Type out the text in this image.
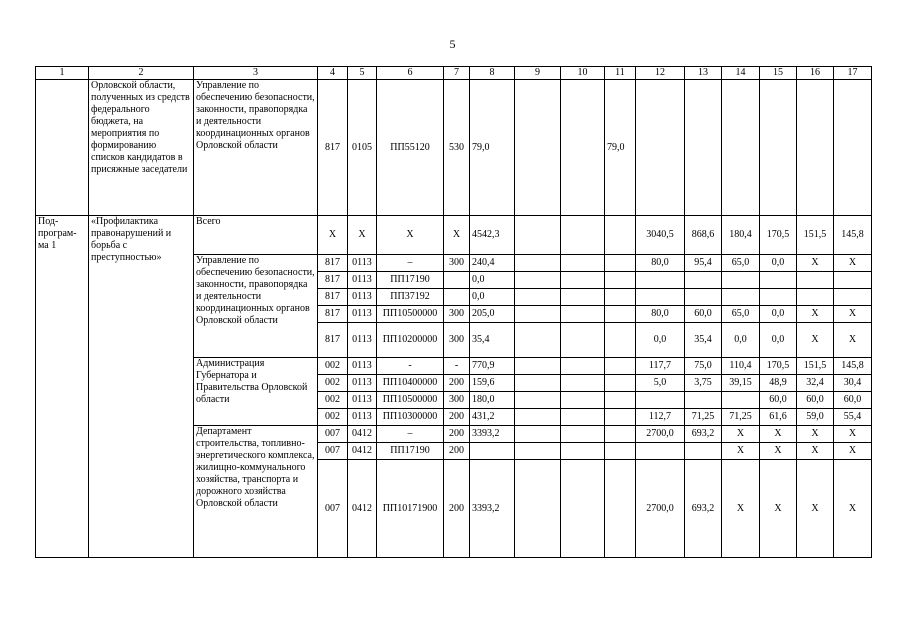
5
1	2	3	4	5	6	7	8	9	10	11	12	13	14	15	16	17
	Орловской области, полученных из средств федерального бюджета, на мероприятия по формированию списков кандидатов в присяжные заседатели	Управление по обеспечению безопасности, законности, правопорядка и деятельности координационных органов Орловской области	817	0105	ПП55120	530	79,0			79,0						
Под-програм-ма 1	«Профилактика правонарушений и борьба с преступностью»	Всего	X	X	X	X	4542,3				3040,5	868,6	180,4	170,5	151,5	145,8
		Управление по обеспечению безопасности, законности, правопорядка и деятельности координационных органов Орловской области	817	0113	–	300	240,4				80,0	95,4	65,0	0,0	X	X
			817	0113	ПП17190		0,0									
			817	0113	ПП37192		0,0									
			817	0113	ПП10500000	300	205,0				80,0	60,0	65,0	0,0	X	X
			817	0113	ПП10200000	300	35,4				0,0	35,4	0,0	0,0	X	X
		Администрация Губернатора и Правительства Орловской области	002	0113	-	-	770,9				117,7	75,0	110,4	170,5	151,5	145,8
			002	0113	ПП10400000	200	159,6				5,0	3,75	39,15	48,9	32,4	30,4
			002	0113	ПП10500000	300	180,0							60,0	60,0	60,0
			002	0113	ПП10300000	200	431,2				112,7	71,25	71,25	61,6	59,0	55,4
		Департамент строительства, топливно-энергетического комплекса, жилищно-коммунального хозяйства, транспорта и дорожного хозяйства Орловской области	007	0412	–	200	3393,2				2700,0	693,2	X	X	X	X
			007	0412	ПП17190	200							X	X	X	X
			007	0412	ПП10171900	200	3393,2				2700,0	693,2	X	X	X	X
